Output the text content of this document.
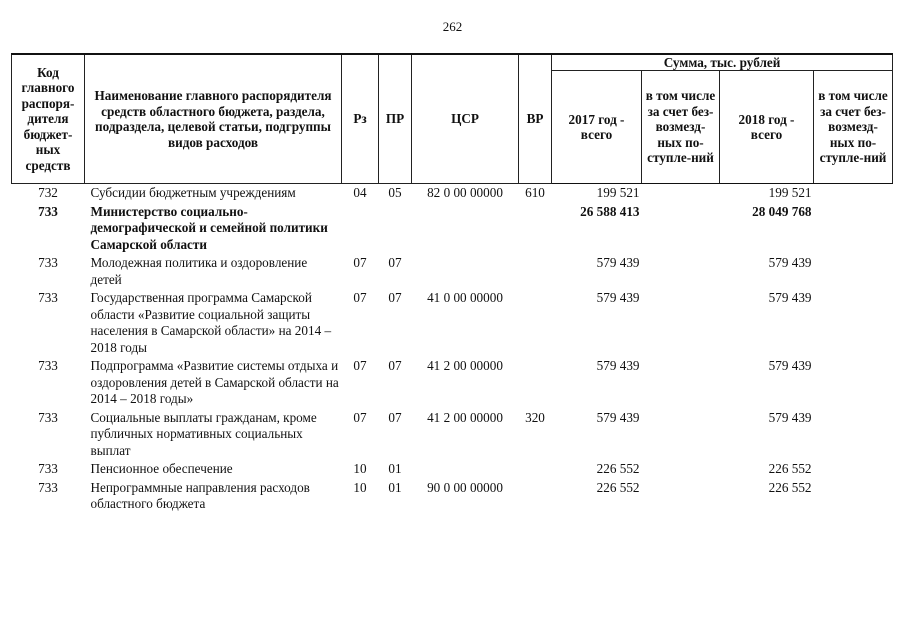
262
Код главного распоря-дителя бюджет-ных средств	Наименование главного распорядителя средств областного бюджета, раздела, подраздела, целевой статьи, подгруппы видов расходов	Рз	ПР	ЦСР	ВР	Сумма, тыс. рублей			
						2017 год - всего	в том числе за счет без-возмезд-ных по-ступле-ний	2018 год - всего	в том числе за счет без-возмезд-ных по-ступле-ний
732	Субсидии бюджетным учреждениям	04	05	82 0 00 00000	610	199 521		199 521	
733	Министерство социально-демографической и семейной политики Самарской области					26 588 413		28 049 768	
733	Молодежная политика и оздоровление детей	07	07			579 439		579 439	
733	Государственная программа Самарской области «Развитие социальной защиты населения в Самарской области» на 2014 – 2018 годы	07	07	41 0 00 00000		579 439		579 439	
733	Подпрограмма «Развитие системы отдыха и оздоровления детей в Самарской области на 2014 – 2018 годы»	07	07	41 2 00 00000		579 439		579 439	
733	Социальные выплаты гражданам, кроме публичных нормативных социальных выплат	07	07	41 2 00 00000	320	579 439		579 439	
733	Пенсионное обеспечение	10	01			226 552		226 552	
733	Непрограммные направления расходов областного бюджета	10	01	90 0 00 00000		226 552		226 552	
